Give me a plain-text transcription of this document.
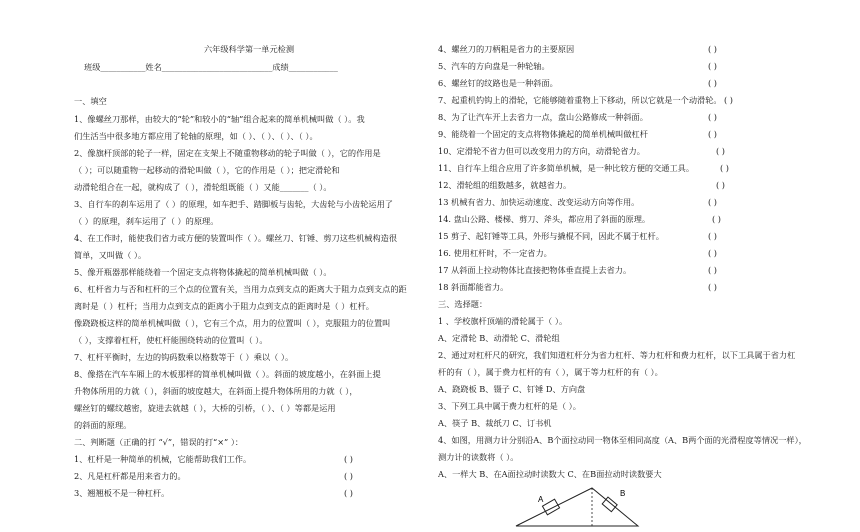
六年级科学第一单元检测
班级___________姓名___________________________成绩____________
一、填空
1、像螺丝刀那样，由较大的“轮”和较小的“轴”组合起来的简单机械叫做（ ）。我
们生活当中很多地方都应用了轮轴的原理，如（ ）、（ ）、（ ）、（ ）。
2、像旗杆顶部的轮子一样，固定在支架上不随重物移动的轮子叫做（ ），它的作用是
（ ）；可以随重物一起移动的滑轮叫做（ ），它的作用是（ ）；把定滑轮和
动滑轮组合在一起，就构成了（ ），滑轮组既能（ ）又能_______（ ）。
3、自行车的刹车运用了（ ）的原理，如车把手、踏脚板与齿轮，大齿轮与小齿轮运用了
（ ）的原理，刹车运用了（ ）的原理。
4、在工作时，能使我们省力或方便的装置叫作（ ）。螺丝刀、钉锤、剪刀这些机械构造很
简单，又叫做（ ）。
5、像开瓶器那样能绕着一个固定支点将物体撬起的简单机械叫做（ ）。
6、杠杆省力与否和杠杆的三个点的位置有关，当用力点到支点的距离大于阻力点到支点的距
离时是（ ）杠杆；当用力点到支点的距离小于阻力点到支点的距离时是（ ）杠杆。
像跷跷板这样的简单机械叫做（ ），它有三个点，用力的位置叫（ ），克服阻力的位置叫
（ ），支撑着杠杆，使杠杆能围绕转动的位置叫（ ）。
7、杠杆平衡时，左边的钩码数乘以格数等于（ ）乘以（ ）。
8、像搭在汽车车厢上的木板那样的简单机械叫做（ ）。斜面的坡度越小，在斜面上提
升物体所用的力就（ ），斜面的坡度越大，在斜面上提升物体所用的力就（ ），
螺丝钉的螺纹越密，旋进去就越（ ），大桥的引桥，（ ）、（ ）等都是运用
的斜面的原理。
二、判断题（正确的打 “√”，错误的打“×” ）：
1、杠杆是一种简单的机械，它能帮助我们工作。	( )
2、凡是杠杆都是用来省力的。	( )
3、翘翘板不是一种杠杆。	( )
4、螺丝刀的刀柄粗是省力的主要原因	( )
5、汽车的方向盘是一种轮轴。	( )
6、螺丝钉的纹路也是一种斜面。	( )
7、起重机钓钩上的滑轮，它能够随着重物上下移动，所以它就是一个动滑轮。 ( )
8、为了让汽车开上去省力一点，盘山公路修成一种斜面。	( )
9、能绕着一个固定的支点将物体撬起的简单机械叫做杠杆	( )
10、定滑轮不省力但可以改变用力的方向，动滑轮省力。	( )
11、自行车上组合应用了许多简单机械，是一种比较方便的交通工具。	( )
12、滑轮组的组数越多，就越省力。	( )
13 机械有省力、加快运动速度、改变运动方向等作用。	( )
14. 盘山公路、楼梯、剪刀、斧头，都应用了斜面的原理。	( )
15 剪子、起钉锤等工具，外形与撬棍不同，因此不属于杠杆。	( )
16. 使用杠杆时，不一定省力。	( )
17 从斜面上拉动物体比直接把物体垂直提上去省力。	( )
18 斜面都能省力。	( )
三、选择题：
1 、学校旗杆顶端的滑轮属于（ ）。
A、定滑轮 B、动滑轮 C、滑轮组
2、通过对杠杆尺的研究，我们知道杠杆分为省力杠杆、等力杠杆和费力杠杆，以下工具属于省力杠
杆的有（ ），属于费力杠杆的有（ ），属于等力杠杆的有（ ）。
A、跷跷板 B、镊子 C、钉锤 D、方向盘
3、下列工具中属于费力杠杆的是（ ）。
A、筷子 B、裁纸刀 C、订书机
4、如图，用测力计分别沿A、B个面拉动同一物体至相同高度（A、B两个面的光滑程度等情况一样），
测力计的读数将（ ）。
A、一样大 B、在A面拉动时读数大 C、在B面拉动时读数要大
A
B
